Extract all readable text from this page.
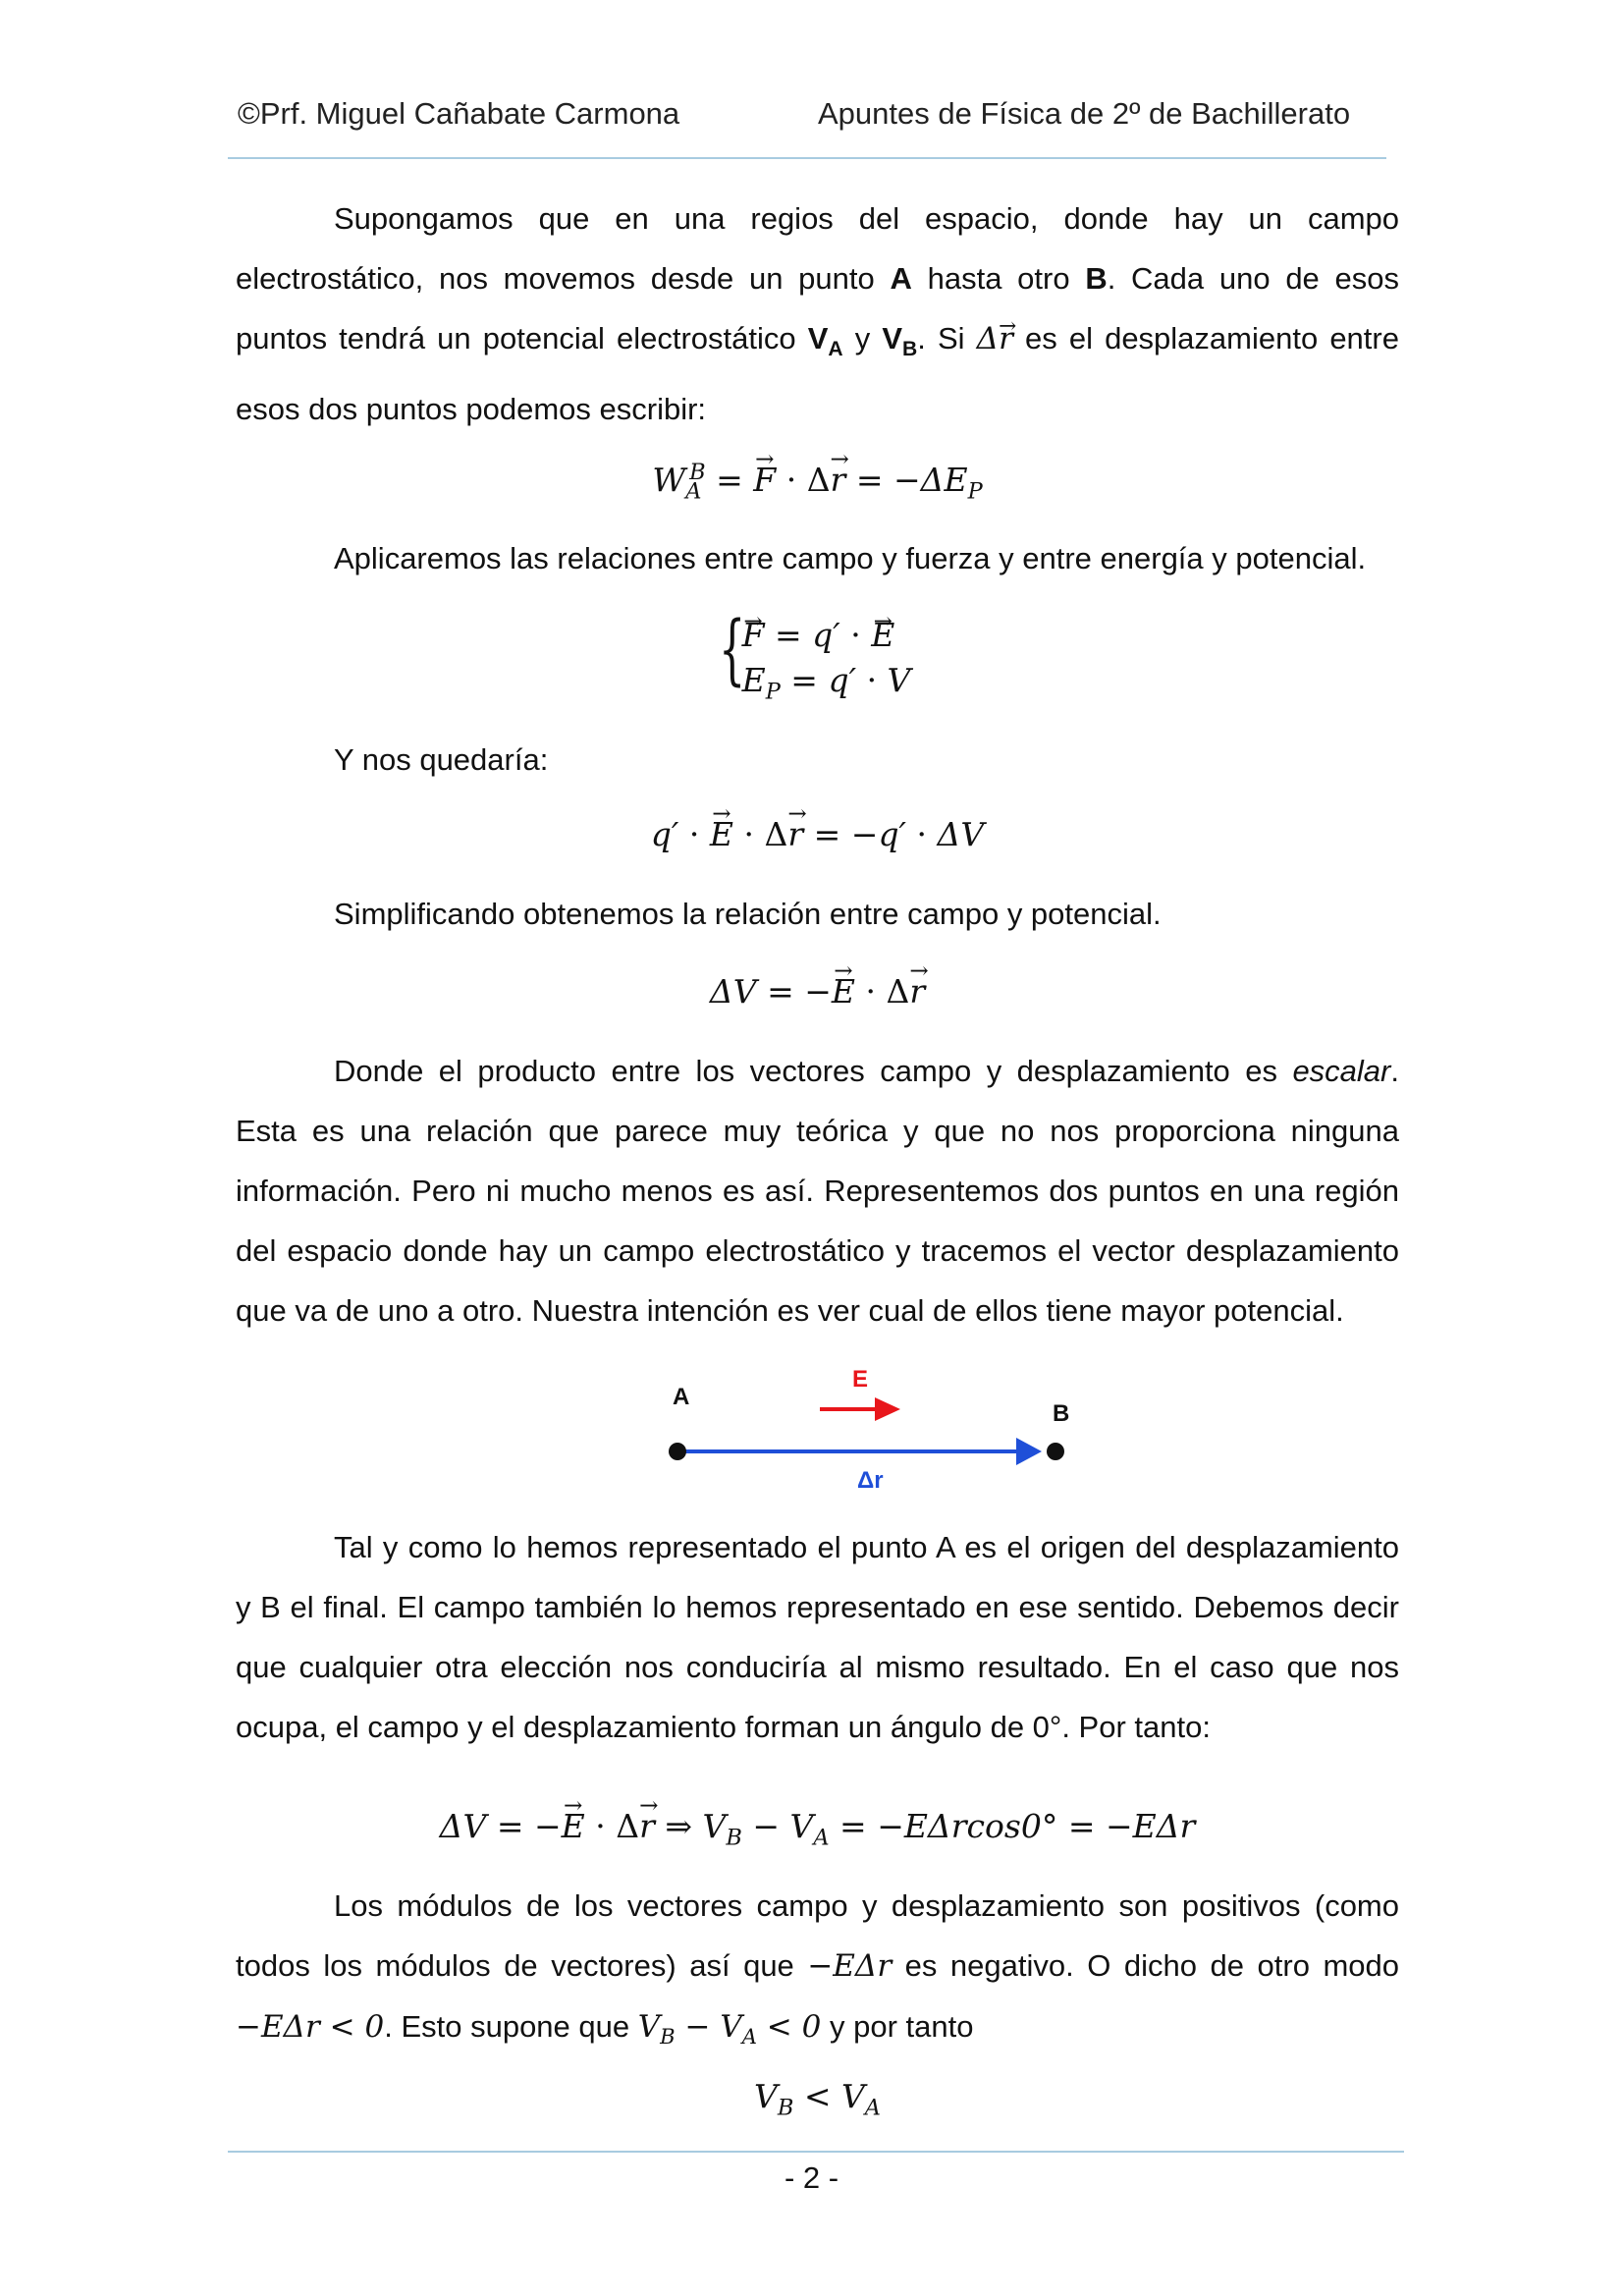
©Prf. Miguel Cañabate Carmona	Apuntes de Física de 2º de Bachillerato
Supongamos que en una regios del espacio, donde hay un campo electrostático, nos movemos desde un punto A hasta otro B. Cada uno de esos puntos tendrá un potencial electrostático $V_A$ y $V_B$. Si Δ→ r es el desplazamiento entre esos dos puntos podemos escribir:
$W_A^B$ = → $F \cdot \Delta\to r = -\Delta E_P$
Aplicaremos las relaciones entre campo y fuerza y entre energía y potencial.
{
→ F = q′ · → E
$E_P = q' \cdot V$
Y nos quedaría:
q′ · → E · Δ→ r = −q′ · ΔV
Simplificando obtenemos la relación entre campo y potencial.
ΔV = −→ E · Δ→ r
Donde el producto entre los vectores campo y desplazamiento es escalar. Esta es una relación que parece muy teórica y que no nos proporciona ninguna información. Pero ni mucho menos es así. Representemos dos puntos en una región del espacio donde hay un campo electrostático y tracemos el vector desplazamiento que va de uno a otro. Nuestra intención es ver cual de ellos tiene mayor potencial.
A
B
E
Δr
Tal y como lo hemos representado el punto A es el origen del desplazamiento y B el final. El campo también lo hemos representado en ese sentido. Debemos decir que cualquier otra elección nos conduciría al mismo resultado. En el caso que nos ocupa, el campo y el desplazamiento forman un ángulo de 0°. Por tanto:
ΔV = −→ E · Δ→ r ⇒ $V_B - V_A = -E\Delta rcos0^\circ = -E\Delta r$
Los módulos de los vectores campo y desplazamiento son positivos (como todos los módulos de vectores) así que −EΔr es negativo. O dicho de otro modo −EΔr < 0. Esto supone que $V_B - V_A < 0$ y por tanto
$V_B < V_A$
- 2 -
